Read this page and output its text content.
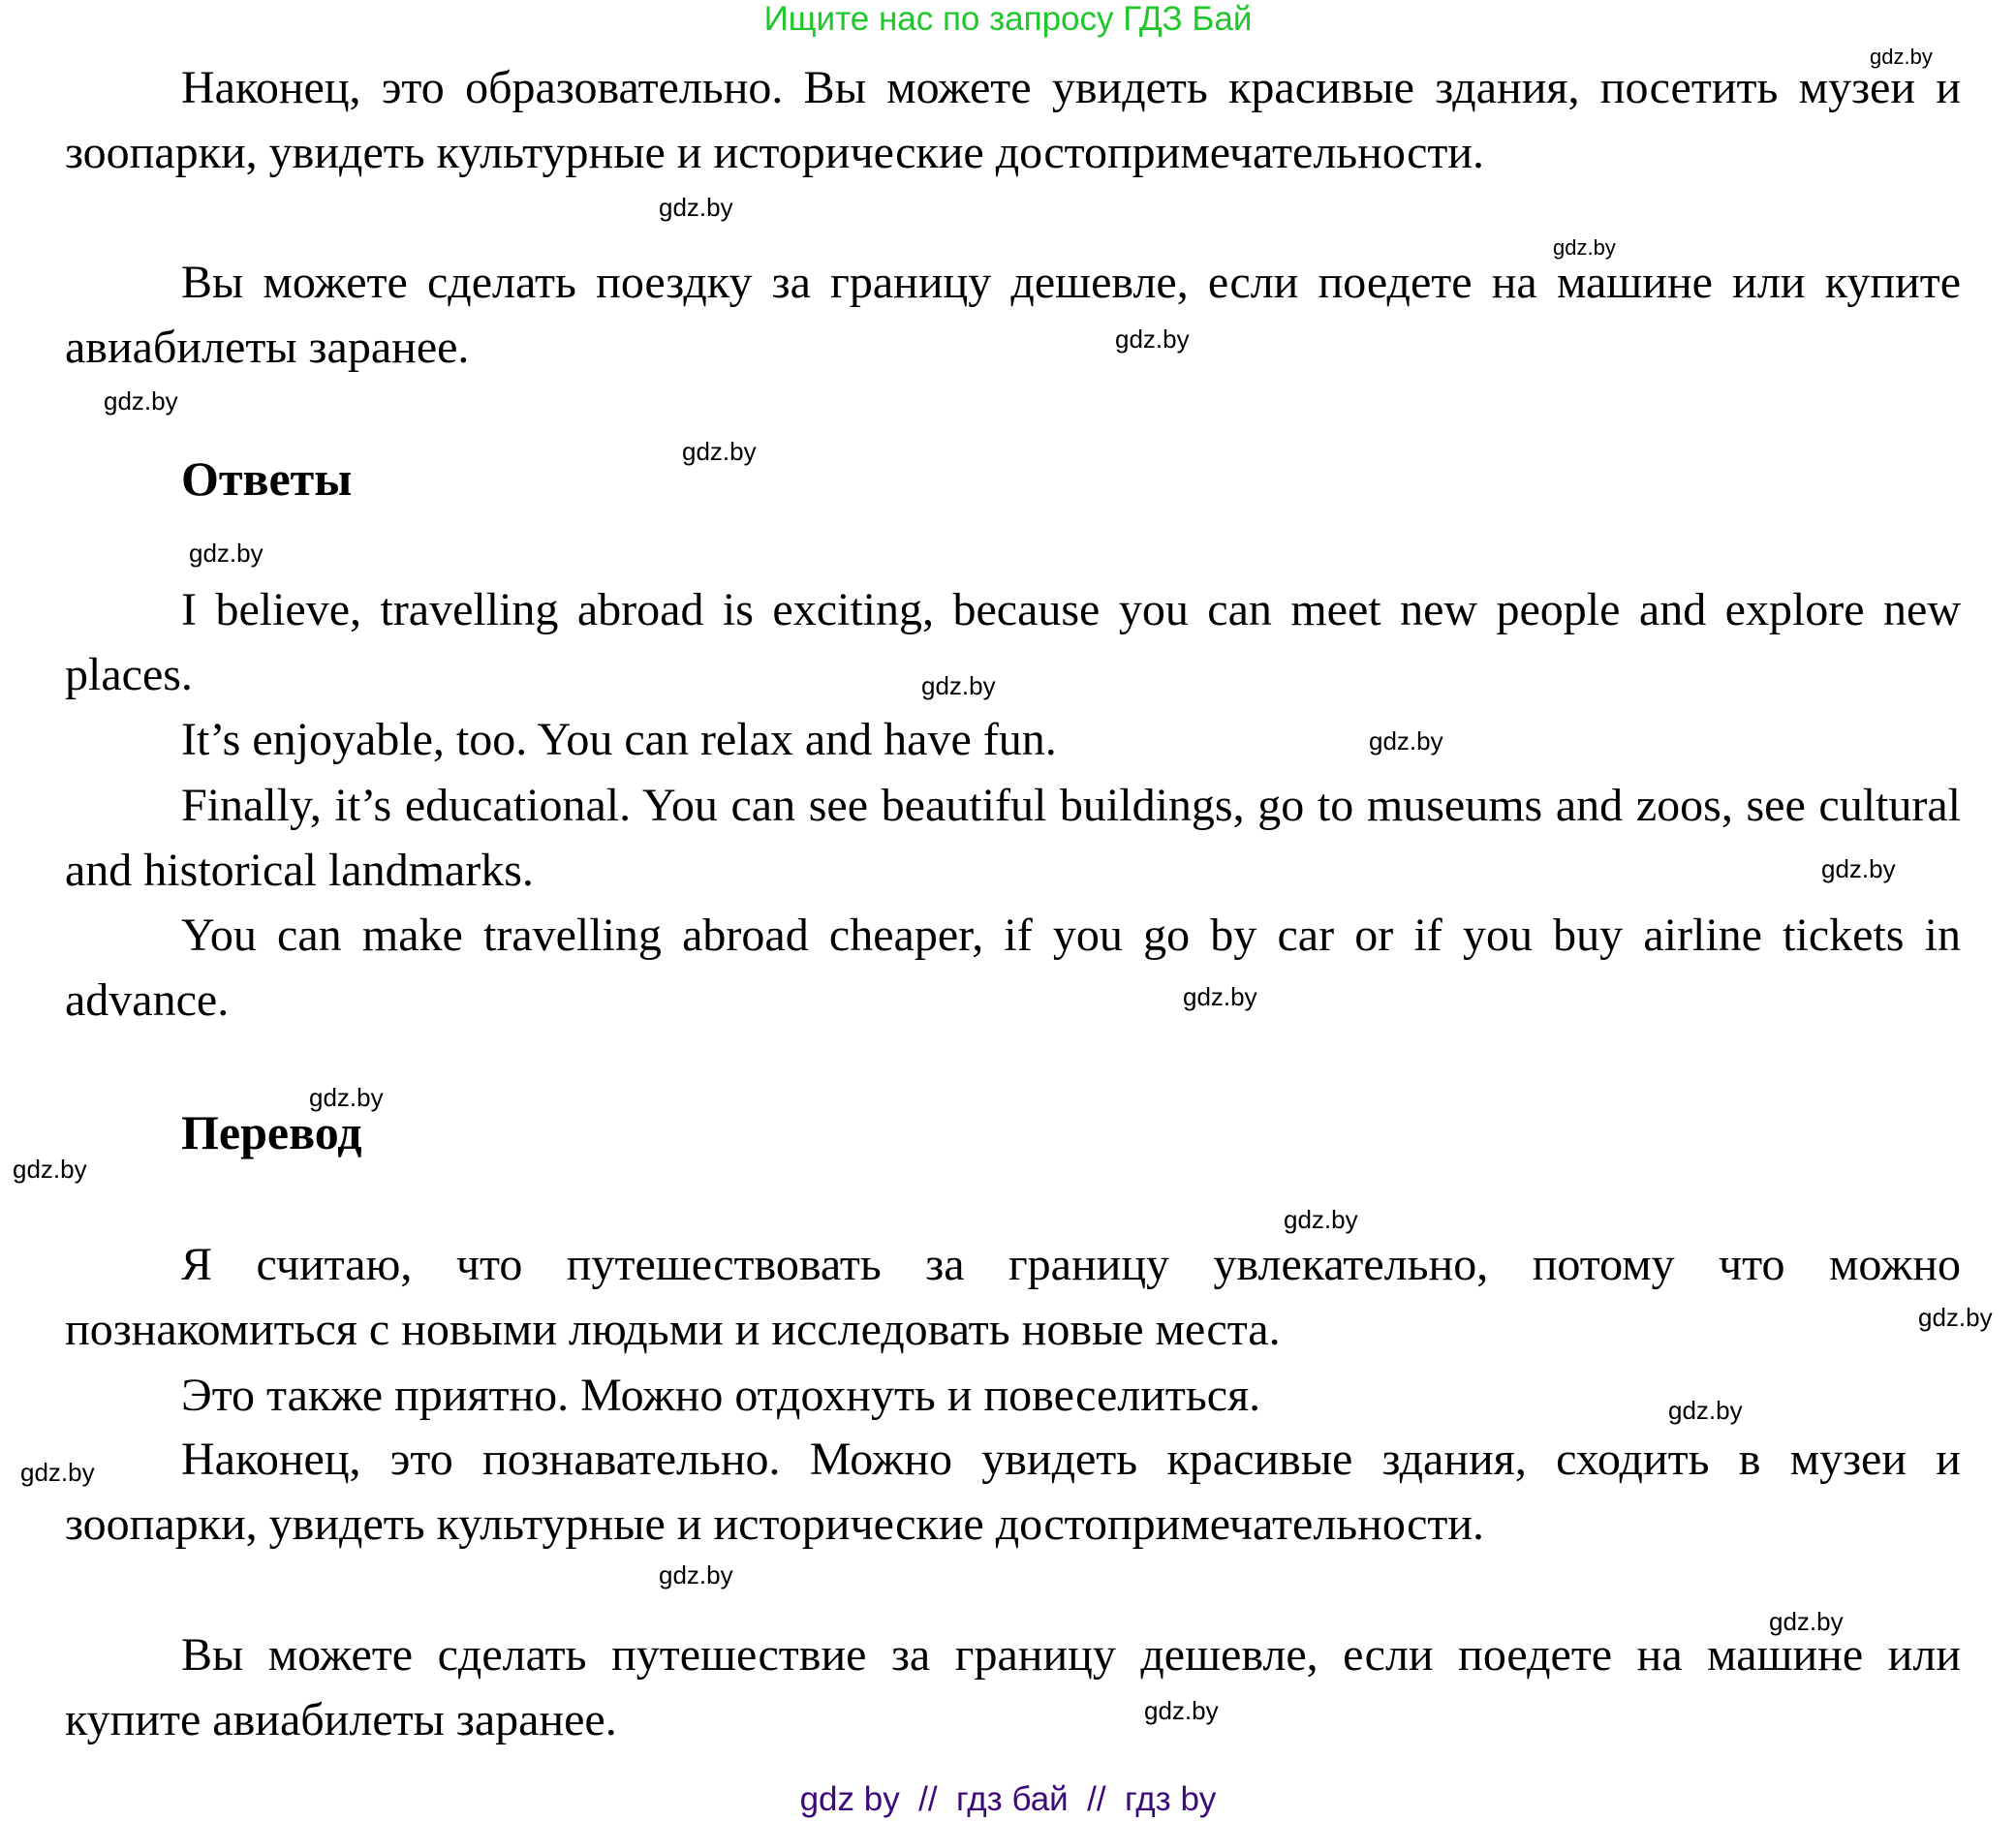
Ищите нас по запросу ГДЗ Бай
Наконец, это образовательно. Вы можете увидеть красивые здания, посетить музеи и зоопарки, увидеть культурные и исторические достопримечательности.
Вы можете сделать поездку за границу дешевле, если поедете на машине или купите авиабилеты заранее.
Ответы
I believe, travelling abroad is exciting, because you can meet new people and explore new places.
It’s enjoyable, too. You can relax and have fun.
Finally, it’s educational. You can see beautiful buildings, go to museums and zoos, see cultural and historical landmarks.
You can make travelling abroad cheaper, if you go by car or if you buy airline tickets in advance.
Перевод
Я считаю, что путешествовать за границу увлекательно, потому что можно познакомиться с новыми людьми и исследовать новые места.
Это также приятно. Можно отдохнуть и повеселиться.
Наконец, это познавательно. Можно увидеть красивые здания, сходить в музеи и зоопарки, увидеть культурные и исторические достопримечательности.
Вы можете сделать путешествие за границу дешевле, если поедете на машине или купите авиабилеты заранее.
gdz.by
gdz.by
gdz.by
gdz.by
gdz.by
gdz.by
gdz.by
gdz.by
gdz.by
gdz.by
gdz.by
gdz.by
gdz.by
gdz.by
gdz.by
gdz.by
gdz.by
gdz.by
gdz.by
gdz.by
gdz by  //  гдз бай  //  гдз by
